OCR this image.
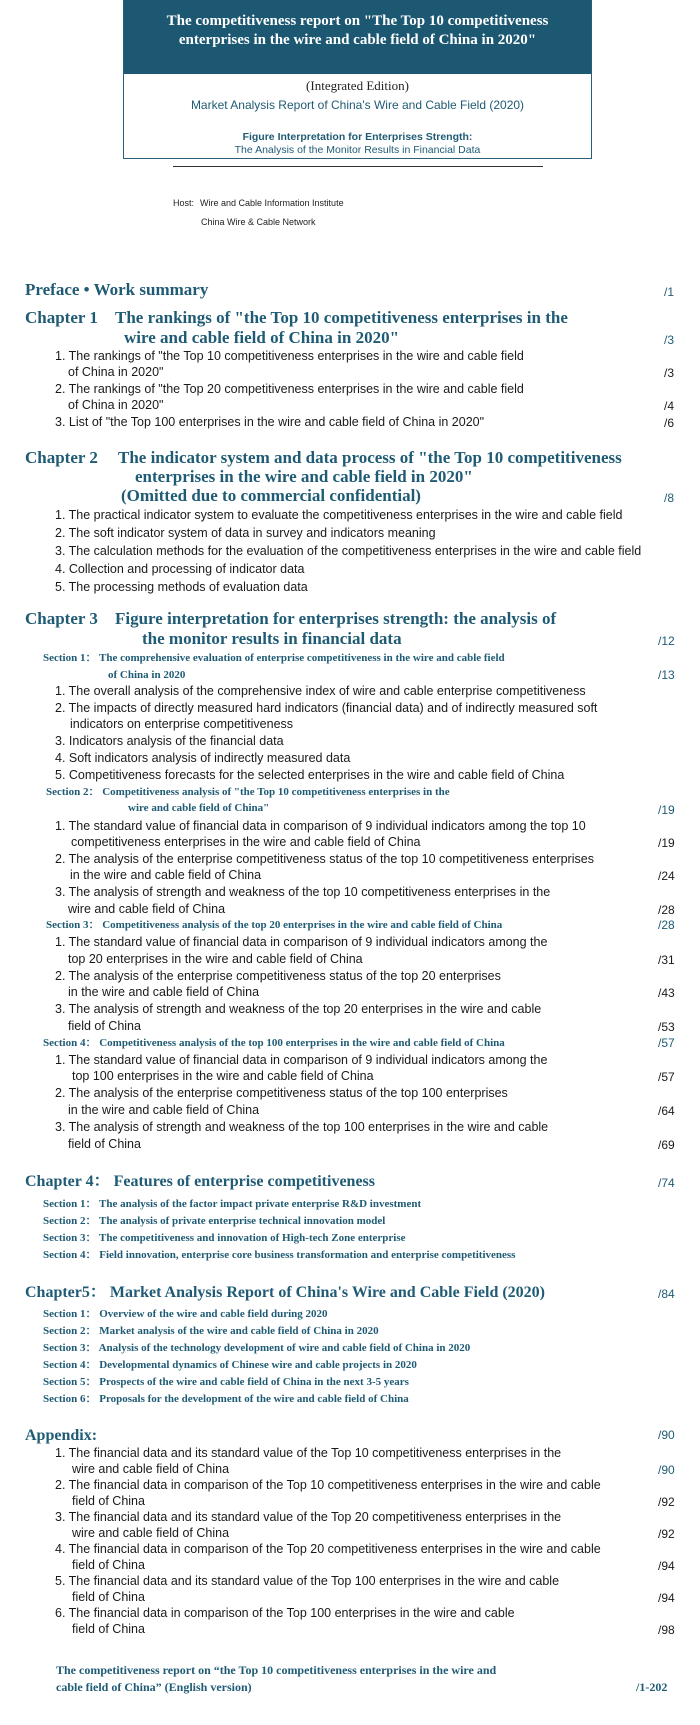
The competitiveness report on "The Top 10 competitiveness enterprises in the wire and cable field of China in 2020"
(Integrated Edition)
Market Analysis Report of China's Wire and Cable Field (2020)
Figure Interpretation for Enterprises Strength:
The Analysis of the Monitor Results in Financial Data
Host: Wire and Cable Information Institute
China Wire & Cable Network
Preface • Work summary	/1
Chapter 1 The rankings of "the Top 10 competitiveness enterprises in the
wire and cable field of China in 2020"	/3
1. The rankings of "the Top 10 competitiveness enterprises in the wire and cable field
of China in 2020"	/3
2. The rankings of "the Top 20 competitiveness enterprises in the wire and cable field
of China in 2020"	/4
3. List of "the Top 100 enterprises in the wire and cable field of China in 2020"	/6
Chapter 2 The indicator system and data process of "the Top 10 competitiveness
enterprises in the wire and cable field in 2020"
(Omitted due to commercial confidential)	/8
1. The practical indicator system to evaluate the competitiveness enterprises in the wire and cable field
2. The soft indicator system of data in survey and indicators meaning
3. The calculation methods for the evaluation of the competitiveness enterprises in the wire and cable field
4. Collection and processing of indicator data
5. The processing methods of evaluation data
Chapter 3 Figure interpretation for enterprises strength: the analysis of
the monitor results in financial data	/12
Section 1： The comprehensive evaluation of enterprise competitiveness in the wire and cable field
of China in 2020	/13
1. The overall analysis of the comprehensive index of wire and cable enterprise competitiveness
2. The impacts of directly measured hard indicators (financial data) and of indirectly measured soft
indicators on enterprise competitiveness
3. Indicators analysis of the financial data
4. Soft indicators analysis of indirectly measured data
5. Competitiveness forecasts for the selected enterprises in the wire and cable field of China
Section 2： Competitiveness analysis of "the Top 10 competitiveness enterprises in the
wire and cable field of China"	/19
1. The standard value of financial data in comparison of 9 individual indicators among the top 10
competitiveness enterprises in the wire and cable field of China	/19
2. The analysis of the enterprise competitiveness status of the top 10 competitiveness enterprises
in the wire and cable field of China	/24
3. The analysis of strength and weakness of the top 10 competitiveness enterprises in the
wire and cable field of China	/28
Section 3： Competitiveness analysis of the top 20 enterprises in the wire and cable field of China	/28
1. The standard value of financial data in comparison of 9 individual indicators among the
top 20 enterprises in the wire and cable field of China	/31
2. The analysis of the enterprise competitiveness status of the top 20 enterprises
in the wire and cable field of China	/43
3. The analysis of strength and weakness of the top 20 enterprises in the wire and cable
field of China	/53
Section 4： Competitiveness analysis of the top 100 enterprises in the wire and cable field of China	/57
1. The standard value of financial data in comparison of 9 individual indicators among the
top 100 enterprises in the wire and cable field of China	/57
2. The analysis of the enterprise competitiveness status of the top 100 enterprises
in the wire and cable field of China	/64
3. The analysis of strength and weakness of the top 100 enterprises in the wire and cable
field of China	/69
Chapter 4： Features of enterprise competitiveness	/74
Section 1： The analysis of the factor impact private enterprise R&D investment
Section 2： The analysis of private enterprise technical innovation model
Section 3： The competitiveness and innovation of High-tech Zone enterprise
Section 4： Field innovation, enterprise core business transformation and enterprise competitiveness
Chapter5： Market Analysis Report of China's Wire and Cable Field (2020)	/84
Section 1： Overview of the wire and cable field during 2020
Section 2： Market analysis of the wire and cable field of China in 2020
Section 3： Analysis of the technology development of wire and cable field of China in 2020
Section 4： Developmental dynamics of Chinese wire and cable projects in 2020
Section 5： Prospects of the wire and cable field of China in the next 3-5 years
Section 6： Proposals for the development of the wire and cable field of China
Appendix:	/90
1. The financial data and its standard value of the Top 10 competitiveness enterprises in the
wire and cable field of China	/90
2. The financial data in comparison of the Top 10 competitiveness enterprises in the wire and cable
field of China	/92
3. The financial data and its standard value of the Top 20 competitiveness enterprises in the
wire and cable field of China	/92
4. The financial data in comparison of the Top 20 competitiveness enterprises in the wire and cable
field of China	/94
5. The financial data and its standard value of the Top 100 enterprises in the wire and cable
field of China	/94
6. The financial data in comparison of the Top 100 enterprises in the wire and cable
field of China	/98
The competitiveness report on “the Top 10 competitiveness enterprises in the wire and
cable field of China” (English version)	/1-202
